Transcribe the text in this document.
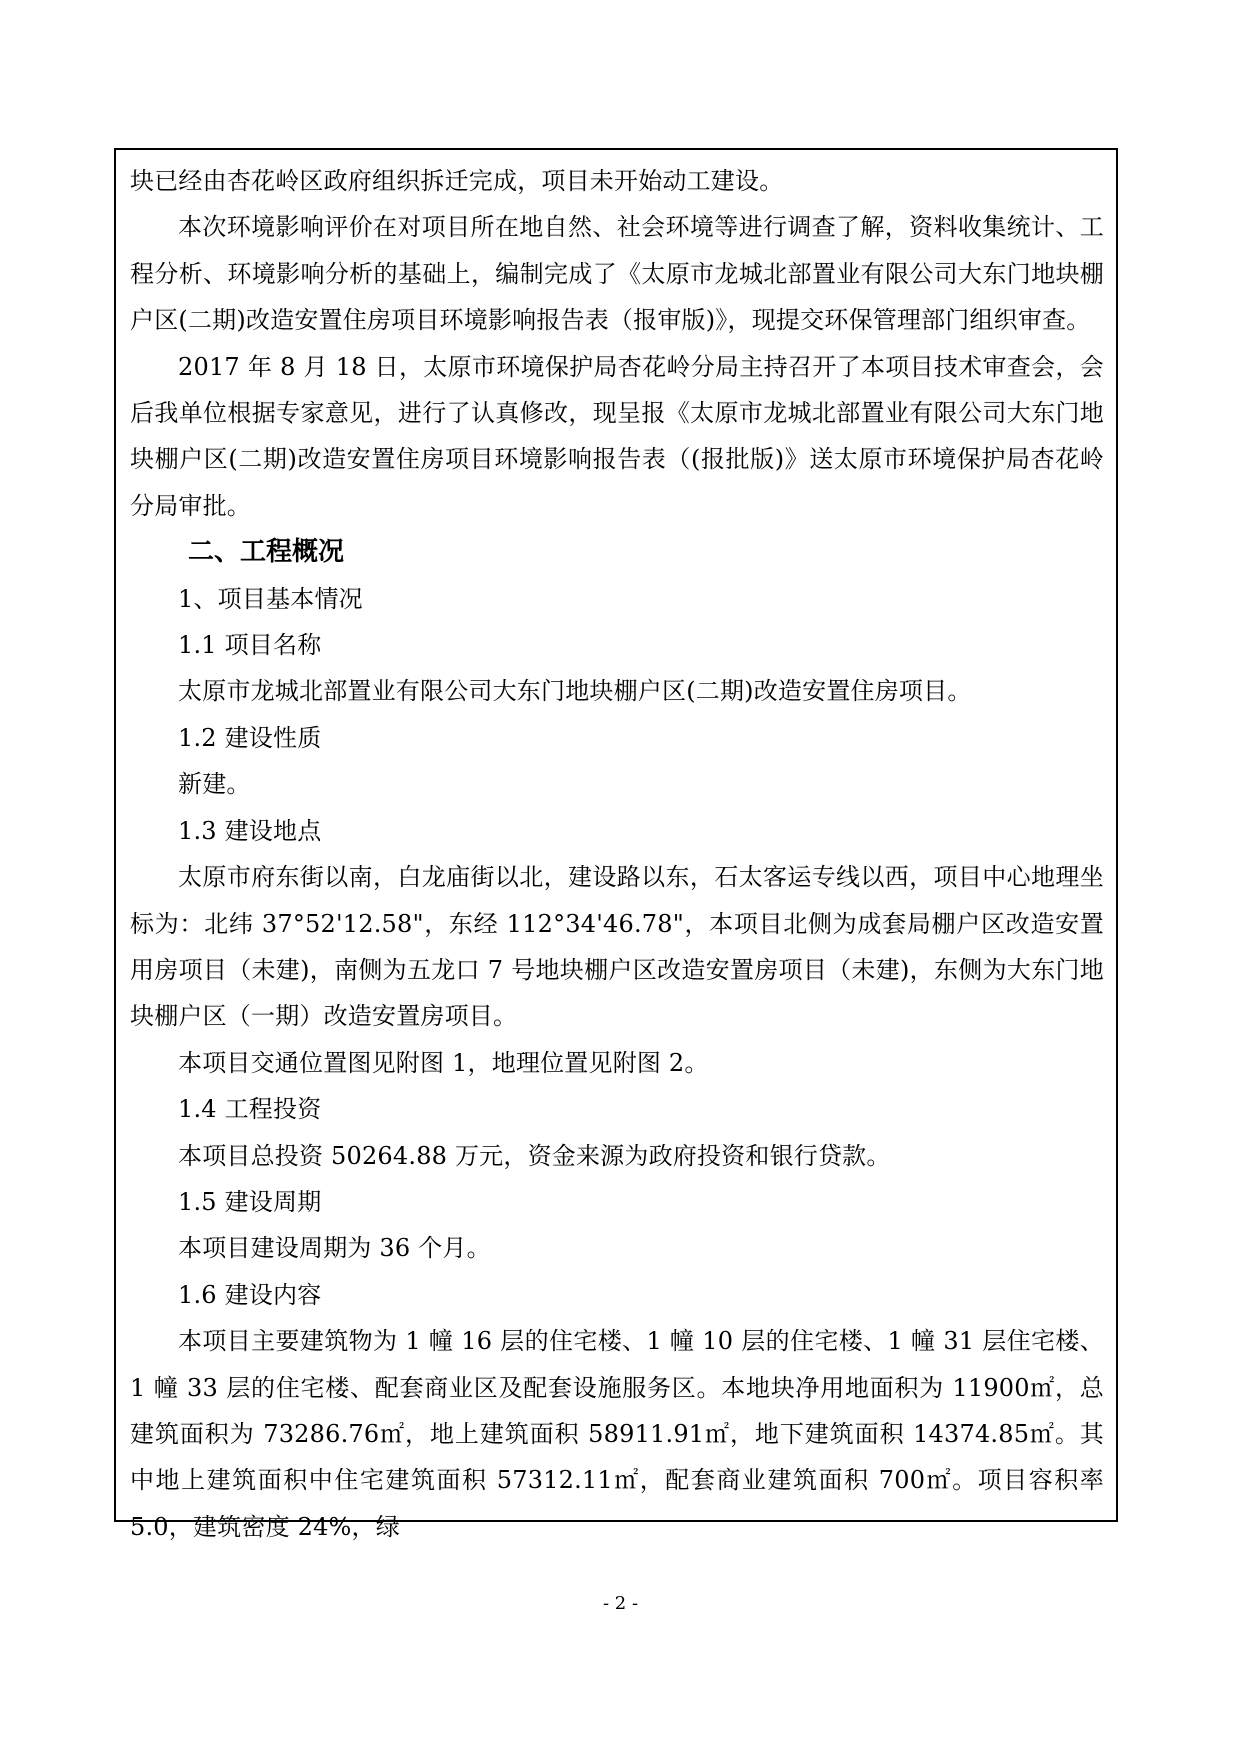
块已经由杏花岭区政府组织拆迁完成，项目未开始动工建设。

本次环境影响评价在对项目所在地自然、社会环境等进行调查了解，资料收集统计、工程分析、环境影响分析的基础上，编制完成了《太原市龙城北部置业有限公司大东门地块棚户区(二期)改造安置住房项目环境影响报告表（报审版)》，现提交环保管理部门组织审查。

2017 年 8 月 18 日，太原市环境保护局杏花岭分局主持召开了本项目技术审查会，会后我单位根据专家意见，进行了认真修改，现呈报《太原市龙城北部置业有限公司大东门地块棚户区(二期)改造安置住房项目环境影响报告表（(报批版)》送太原市环境保护局杏花岭分局审批。

二、工程概况

1、项目基本情况

1.1 项目名称

太原市龙城北部置业有限公司大东门地块棚户区(二期)改造安置住房项目。

1.2 建设性质

新建。

1.3 建设地点

太原市府东街以南，白龙庙街以北，建设路以东，石太客运专线以西，项目中心地理坐标为：北纬 37°52'12.58"，东经 112°34'46.78"，本项目北侧为成套局棚户区改造安置用房项目（未建)，南侧为五龙口 7 号地块棚户区改造安置房项目（未建)，东侧为大东门地块棚户区（一期）改造安置房项目。

本项目交通位置图见附图 1，地理位置见附图 2。

1.4 工程投资

本项目总投资 50264.88 万元，资金来源为政府投资和银行贷款。

1.5 建设周期

本项目建设周期为 36 个月。

1.6 建设内容

本项目主要建筑物为 1 幢 16 层的住宅楼、1 幢 10 层的住宅楼、1 幢 31 层住宅楼、1 幢 33 层的住宅楼、配套商业区及配套设施服务区。本地块净用地面积为 11900㎡，总建筑面积为 73286.76㎡，地上建筑面积 58911.91㎡，地下建筑面积 14374.85㎡。其中地上建筑面积中住宅建筑面积 57312.11㎡，配套商业建筑面积 700㎡。项目容积率 5.0，建筑密度 24%，绿

- 2 -
